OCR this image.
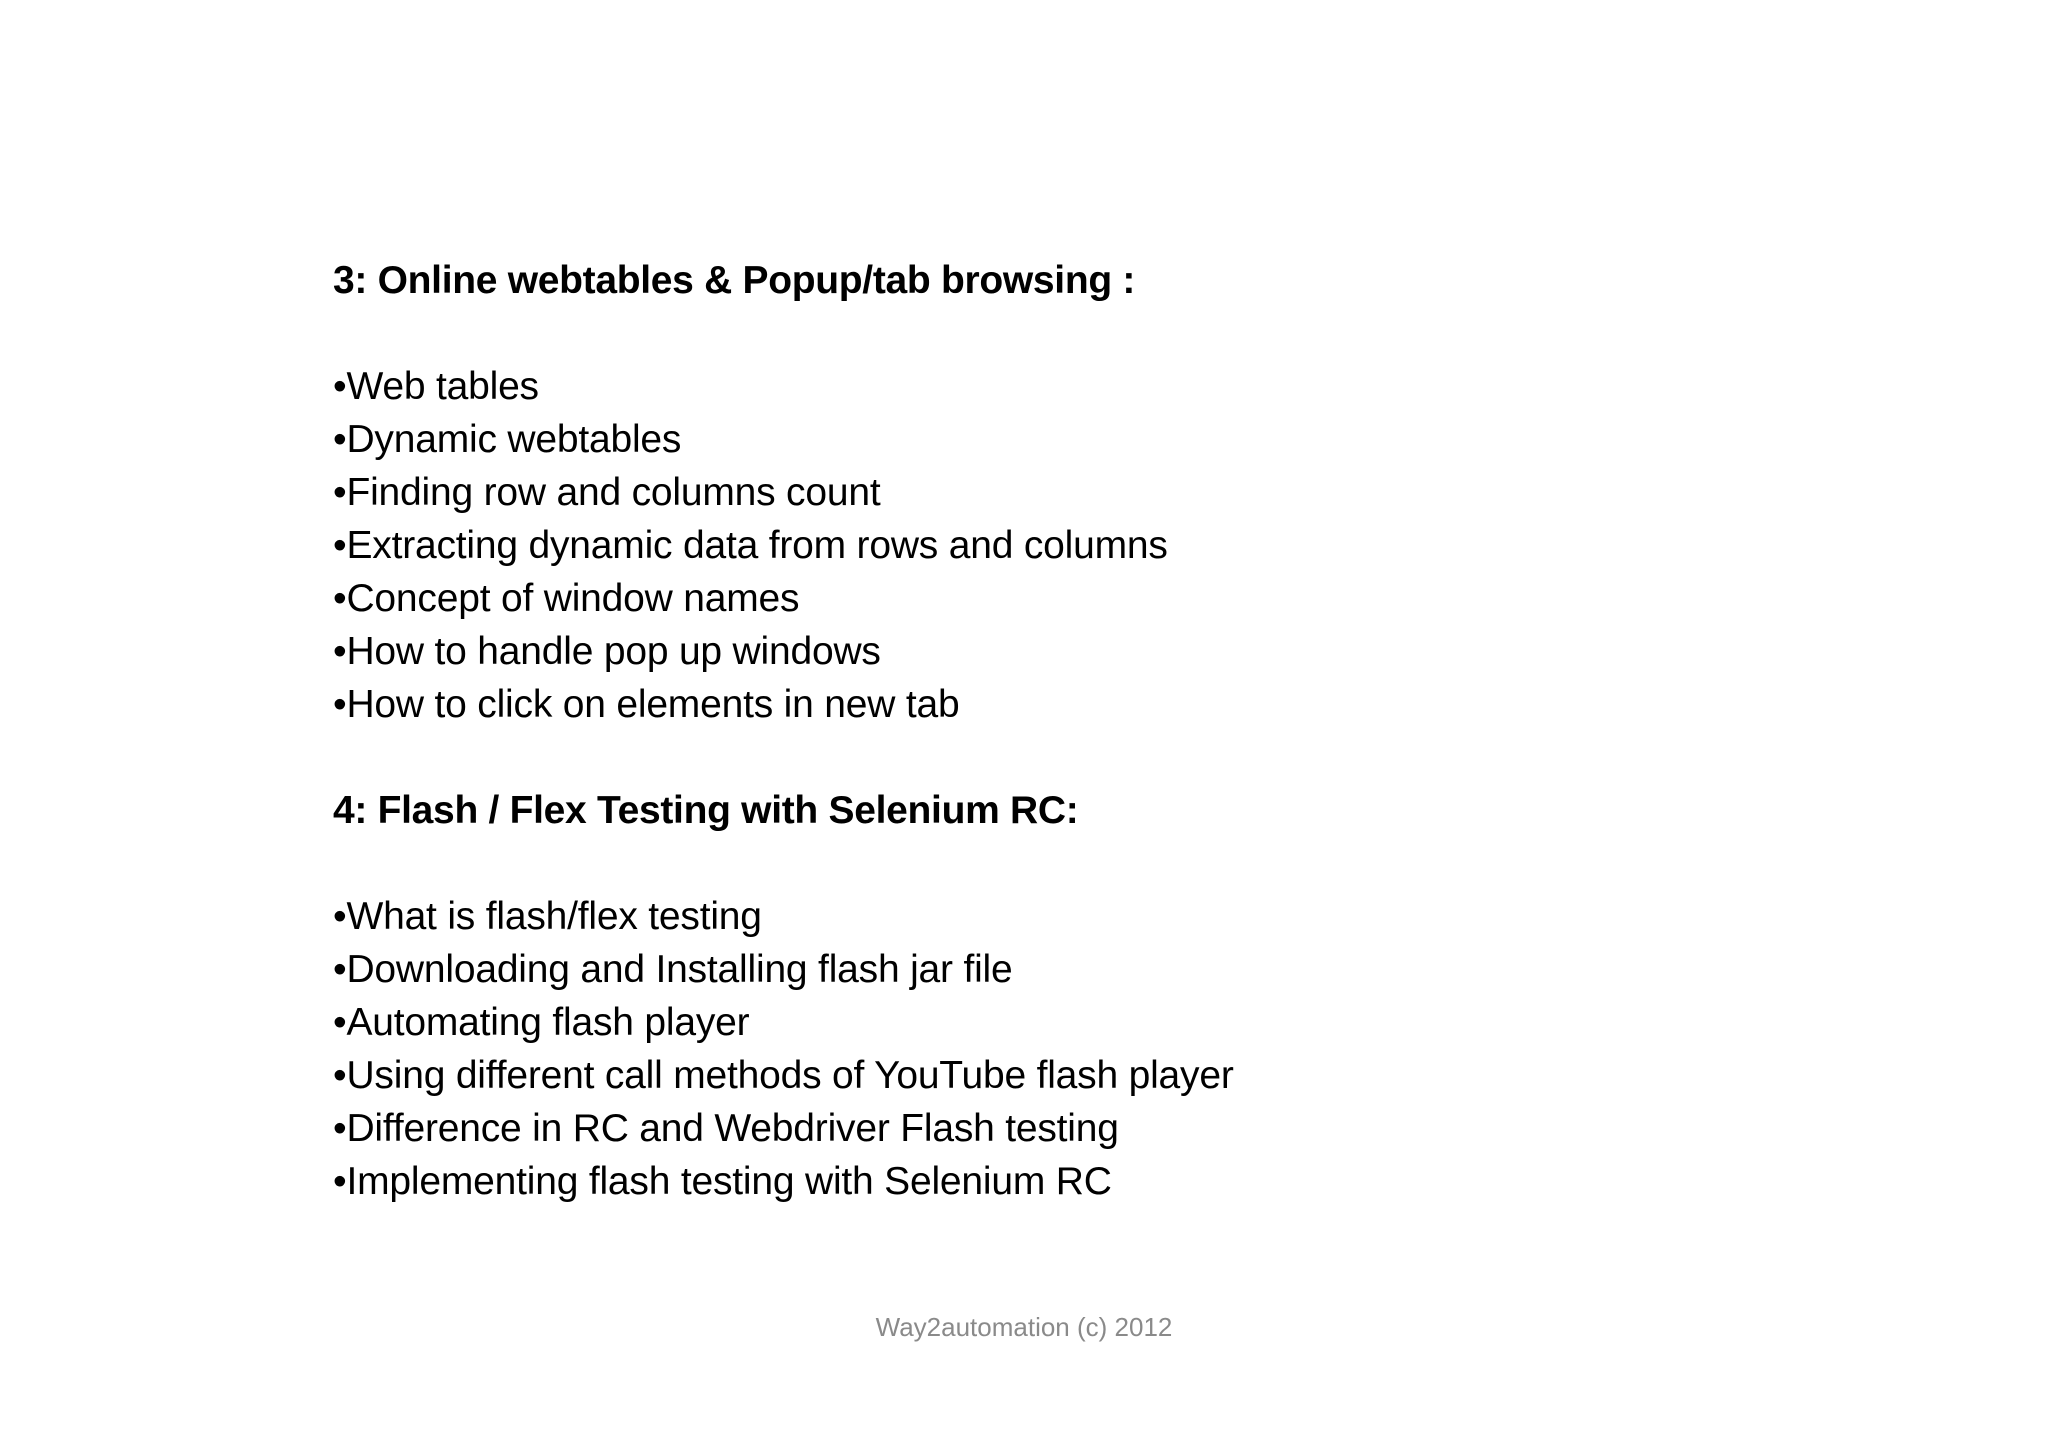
3: Online webtables & Popup/tab browsing :
•Web tables
•Dynamic webtables
•Finding row and columns count
•Extracting dynamic data from rows and columns
•Concept of window names
•How to handle pop up windows
•How to click on elements in new tab
4: Flash / Flex Testing with Selenium RC:
•What is flash/flex testing
•Downloading and Installing flash jar file
•Automating flash player
•Using different call methods of YouTube flash player
•Difference in RC and Webdriver Flash testing
•Implementing flash testing with Selenium RC
Way2automation (c) 2012
